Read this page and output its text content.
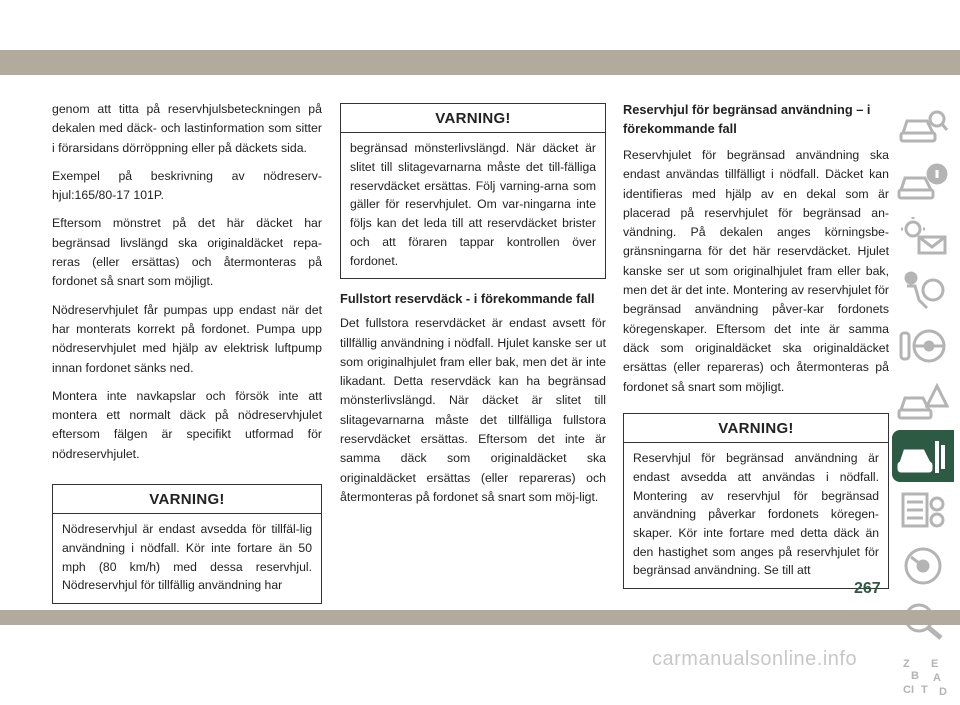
genom att titta på reservhjulsbeteckningen på dekalen med däck- och lastinformation som sitter i förarsidans dörröppning eller på däckets sida.

Exempel på beskrivning av nödreserv-hjul:165/80-17 101P.

Eftersom mönstret på det här däcket har begränsad livslängd ska originaldäcket repa-reras (eller ersättas) och återmonteras på fordonet så snart som möjligt.

Nödreservhjulet får pumpas upp endast när det har monterats korrekt på fordonet. Pumpa upp nödreservhjulet med hjälp av elektrisk luftpump innan fordonet sänks ned.

Montera inte navkapslar och försök inte att montera ett normalt däck på nödreservhjulet eftersom fälgen är specifikt utformad för nödreservhjulet.

VARNING!
Nödreservhjul är endast avsedda för tillfäl-lig användning i nödfall. Kör inte fortare än 50 mph (80 km/h) med dessa reservhjul. Nödreservhjul för tillfällig användning har
VARNING!
begränsad mönsterlivslängd. När däcket är slitet till slitagevarnarna måste det till-fälliga reservdäcket ersättas. Följ varning-arna som gäller för reservhjulet. Om var-ningarna inte följs kan det leda till att reservdäcket brister och att föraren tappar kontrollen över fordonet.
Fullstort reservdäck - i förekommande fall

Det fullstora reservdäcket är endast avsett för tillfällig användning i nödfall. Hjulet kanske ser ut som originalhjulet fram eller bak, men det är inte likadant. Detta reservdäck kan ha begränsad mönsterlivslängd. När däcket är slitet till slitagevarnarna måste det tillfälliga fullstora reservdäcket ersättas. Eftersom det inte är samma däck som originaldäcket ska originaldäcket ersättas (eller repareras) och återmonteras på fordonet så snart som möj-ligt.

Reservhjul för begränsad användning – i förekommande fall

Reservhjulet för begränsad användning ska endast användas tillfälligt i nödfall. Däcket kan identifieras med hjälp av en dekal som är placerad på reservhjulet för begränsad an-vändning. På dekalen anges körningsbe-gränsningarna för det här reservdäcket. Hjulet kanske ser ut som originalhjulet fram eller bak, men det är det inte. Montering av reservhjulet för begränsad användning påver-kar fordonets köregenskaper. Eftersom det inte är samma däck som originaldäcket ska originaldäcket ersättas (eller repareras) och återmonteras på fordonet så snart som möjligt.

VARNING!
Reservhjul för begränsad användning är endast avsedda att användas i nödfall. Montering av reservhjul för begränsad användning påverkar fordonets köregen-skaper. Kör inte fortare med detta däck än den hastighet som anges på reservhjulet för begränsad användning. Se till att
Z E
B A
C	D
I T
267
carmanualsonline.info
